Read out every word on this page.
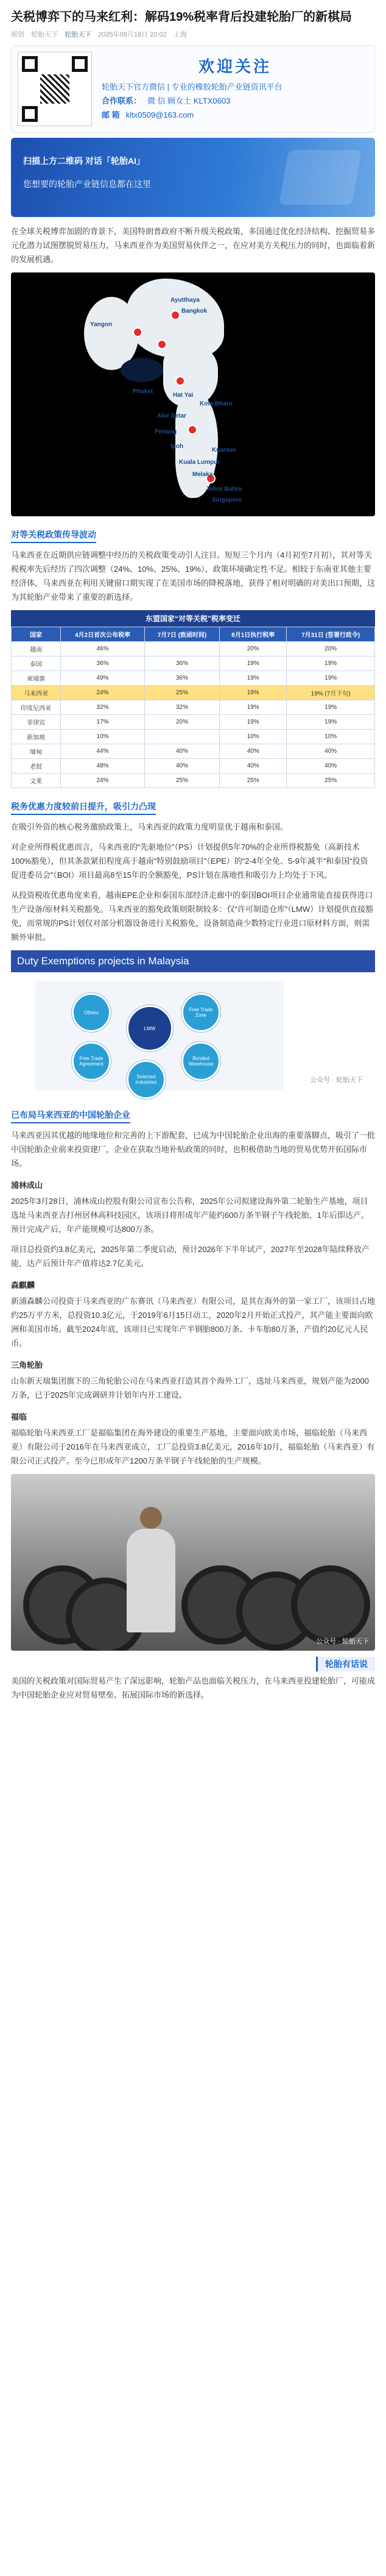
关税博弈下的马来红利：解码19%税率背后投建轮胎厂的新棋局
原创 轮胎天下 轮胎天下 2025年08月18日 20:02 上海
欢迎关注
轮胎天下官方微信 | 专业的橡胶轮胎产业链资讯平台
合作联系： 微 信 顾女士 KLTX0603
邮 箱 kltx0509@163.com
扫描上方二维码 对话「轮胎AI」
您想要的轮胎产业链信息都在这里

在全球关税博弈加剧的背景下，美国特朗普政府不断升级关税政策，多国通过优化经济结构、挖掘贸易多元化潜力试图摆脱贸易压力。马来西亚作为美国贸易伙伴之一，在应对美方关税压力的同时，也面临着新的发展机遇。

Bangkok
Ayutthaya
Phuket
Alor Setar
Penang
Ipoh
Kuala Lumpur
Melaka
Johor Bahru
Singapore
Kuantan
Kota Bharu
Yangon
Hat Yai
对等关税政策传导波动

马来西亚在近期供应链调整中经历的关税政策变动引人注目。短短三个月内（4月初至7月初），其对等关税税率先后经历了四次调整（24%、10%、25%、19%），政策环境确定性不足。相较于东南亚其他主要经济体，马来西亚在利用关键窗口期实现了在美国市场的降税落地，获得了相对明确的对美出口预期，这为其轮胎产业带来了重要的新选择。

东盟国家“对等关税”税率变迁
国家	4月2日首次公布税率	7月7日 (致函时间)	8月1日执行税率	7月31日 (签署行政令)
越南	46%		20%	20%
泰国	36%	36%	19%	19%
柬埔寨	49%	36%	19%	19%
马来西亚	24%	25%	19%	19% (7月下旬)
印度尼西亚	32%	32%	19%	19%
菲律宾	17%	20%	19%	19%
新加坡	10%		10%	10%
缅甸	44%	40%	40%	40%
老挝	48%	40%	40%	40%
文莱	24%	25%	25%	25%
税务优惠力度较前日提升，吸引力凸现

在吸引外资的核心税务激励政策上，马来西亚的政策力度明显优于越南和泰国。

对企业所得税优惠而言，马来西亚的“先驱地位”（PS）计划提供5年70%的企业所得税豁免（高新技术100%豁免），但其条款紧扣程度高于越南“特别鼓励项目”（EPE）的“2-4年全免、5-9年减半”和泰国“投资促进委员会”（BOI）项目最高8至15年的全额豁免，PS计划在落地性和吸引力上均处于下风。

从投资税收优惠角度来看，越南EPE企业和泰国东部经济走廊中的泰国BOI项目企业通常能直接获得进口生产设备/原材料关税豁免。马来西亚的豁免政策则限制较多：仅“许可制造仓库”（LMW）计划提供直接豁免，而常规的PS计划仅对部分机器设备进行关税豁免，设备制造商少数特定行业进口原材料方面，则需额外审批。

Duty Exemptions projects in Malaysia
LMW
Free Trade Zone
Bonded Warehouse
Selected Industries
Free Trade Agreement
Others
公众号 · 轮胎天下
已布局马来西亚的中国轮胎企业

马来西亚因其优越的地缘地位和完善的上下游配套，已成为中国轮胎企业出海的重要落脚点，吸引了一批中国轮胎企业前来投资建厂，企业在获取当地补贴政策的同时，也积极借助当地的贸易优势开拓国际市场。

浦林成山

2025年3月28日，浦林成山控股有限公司宣布公告称，2025年公司拟建设海外第二轮胎生产基地，项目选址马来西亚吉打州居林高科技园区，该项目将形成年产能约600万条半钢子午线轮胎，1年后即达产。预计完成产后，年产能规模可达800万条。

项目总投资约3.8亿美元，2025年第二季度启动，预计2026年下半年试产，2027年至2028年陆续释放产能，达产后预计年产值将达2.7亿美元。

森麒麟

新浦森麟公司投资于马来西亚的广东赛讯（马来西亚）有限公司，是其在海外的第一家工厂，该项目占地约25万平方米，总投资10.3亿元，于2019年6月15日动工，2020年2月开始正式投产，其产能主要面向欧洲和美国市场。截至2024年底，该项目已实现年产半钢胎800万条、卡车胎80万条，产值约20亿元人民币。

三角轮胎

山东新天瑞集团旗下的三角轮胎公司在马来西亚打造其首个海外工厂，选址马来西亚，规划产能为2000万条，已于2025年完成调研并计划年内开工建设。

福临

福临轮胎马来西亚工厂是福临集团在海外建设的重要生产基地，主要面向欧美市场，福临轮胎（马来西亚）有限公司于2016年在马来西亚成立，工厂总投资3.8亿美元，2016年10月，福临轮胎（马来西亚）有限公司正式投产。至今已形成年产1200万条半钢子午线轮胎的生产规模。

公众号 · 轮胎天下
轮胎有话说

美国的关税政策对国际贸易产生了深远影响，轮胎产品也面临关税压力，在马来西亚投建轮胎厂，可能成为中国轮胎企业应对贸易壁垒、拓展国际市场的新选择。
